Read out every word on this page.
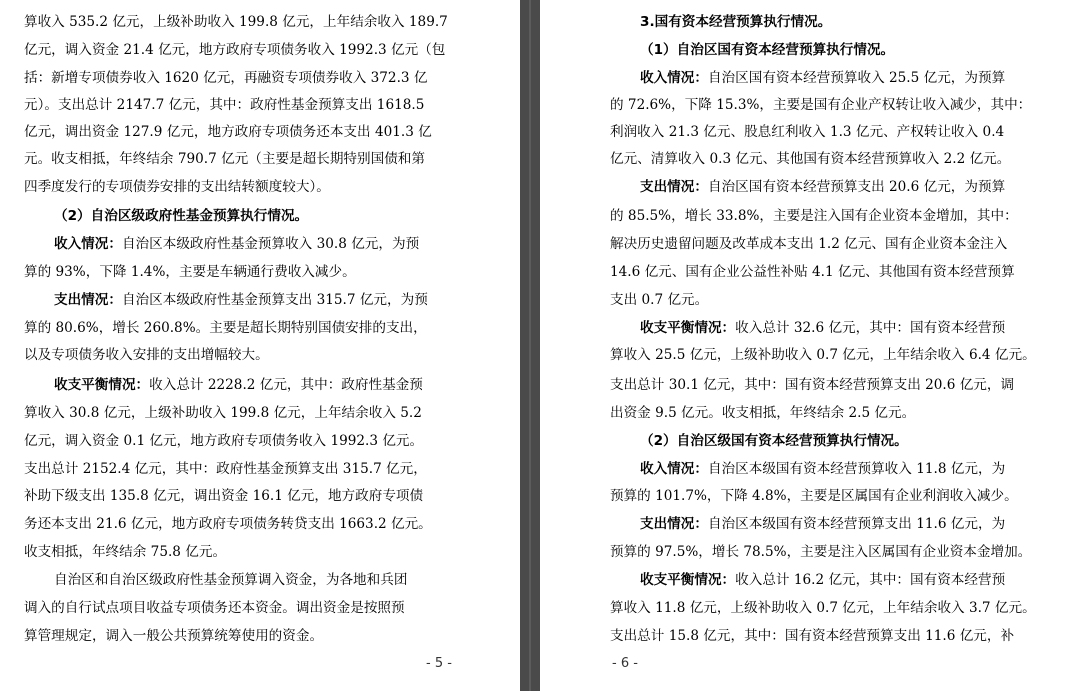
算收入 535.2 亿元，上级补助收入 199.8 亿元，上年结余收入 189.7
亿元，调入资金 21.4 亿元，地方政府专项债务收入 1992.3 亿元（包
括：新增专项债券收入 1620 亿元，再融资专项债券收入 372.3 亿
元）。支出总计 2147.7 亿元，其中：政府性基金预算支出 1618.5
亿元，调出资金 127.9 亿元，地方政府专项债务还本支出 401.3 亿
元。收支相抵，年终结余 790.7 亿元（主要是超长期特别国债和第
四季度发行的专项债券安排的支出结转额度较大）。
（2）自治区级政府性基金预算执行情况。
收入情况：自治区本级政府性基金预算收入 30.8 亿元，为预
算的 93%，下降 1.4%，主要是车辆通行费收入减少。
支出情况：自治区本级政府性基金预算支出 315.7 亿元，为预
算的 80.6%，增长 260.8%。主要是超长期特别国债安排的支出，
以及专项债务收入安排的支出增幅较大。
收支平衡情况：收入总计 2228.2 亿元，其中：政府性基金预
算收入 30.8 亿元，上级补助收入 199.8 亿元，上年结余收入 5.2
亿元，调入资金 0.1 亿元，地方政府专项债务收入 1992.3 亿元。
支出总计 2152.4 亿元，其中：政府性基金预算支出 315.7 亿元，
补助下级支出 135.8 亿元，调出资金 16.1 亿元，地方政府专项债
务还本支出 21.6 亿元，地方政府专项债务转贷支出 1663.2 亿元。
收支相抵，年终结余 75.8 亿元。
自治区和自治区级政府性基金预算调入资金，为各地和兵团
调入的自行试点项目收益专项债务还本资金。调出资金是按照预
算管理规定，调入一般公共预算统筹使用的资金。
- 5 -
3.国有资本经营预算执行情况。
（1）自治区国有资本经营预算执行情况。
收入情况：自治区国有资本经营预算收入 25.5 亿元，为预算
的 72.6%，下降 15.3%，主要是国有企业产权转让收入减少，其中：
利润收入 21.3 亿元、股息红利收入 1.3 亿元、产权转让收入 0.4
亿元、清算收入 0.3 亿元、其他国有资本经营预算收入 2.2 亿元。
支出情况：自治区国有资本经营预算支出 20.6 亿元，为预算
的 85.5%，增长 33.8%，主要是注入国有企业资本金增加，其中：
解决历史遗留问题及改革成本支出 1.2 亿元、国有企业资本金注入
14.6 亿元、国有企业公益性补贴 4.1 亿元、其他国有资本经营预算
支出 0.7 亿元。
收支平衡情况：收入总计 32.6 亿元，其中：国有资本经营预
算收入 25.5 亿元，上级补助收入 0.7 亿元，上年结余收入 6.4 亿元。
支出总计 30.1 亿元，其中：国有资本经营预算支出 20.6 亿元，调
出资金 9.5 亿元。收支相抵，年终结余 2.5 亿元。
（2）自治区级国有资本经营预算执行情况。
收入情况：自治区本级国有资本经营预算收入 11.8 亿元，为
预算的 101.7%，下降 4.8%，主要是区属国有企业利润收入减少。
支出情况：自治区本级国有资本经营预算支出 11.6 亿元，为
预算的 97.5%，增长 78.5%，主要是注入区属国有企业资本金增加。
收支平衡情况：收入总计 16.2 亿元，其中：国有资本经营预
算收入 11.8 亿元，上级补助收入 0.7 亿元，上年结余收入 3.7 亿元。
支出总计 15.8 亿元，其中：国有资本经营预算支出 11.6 亿元，补
- 6 -
